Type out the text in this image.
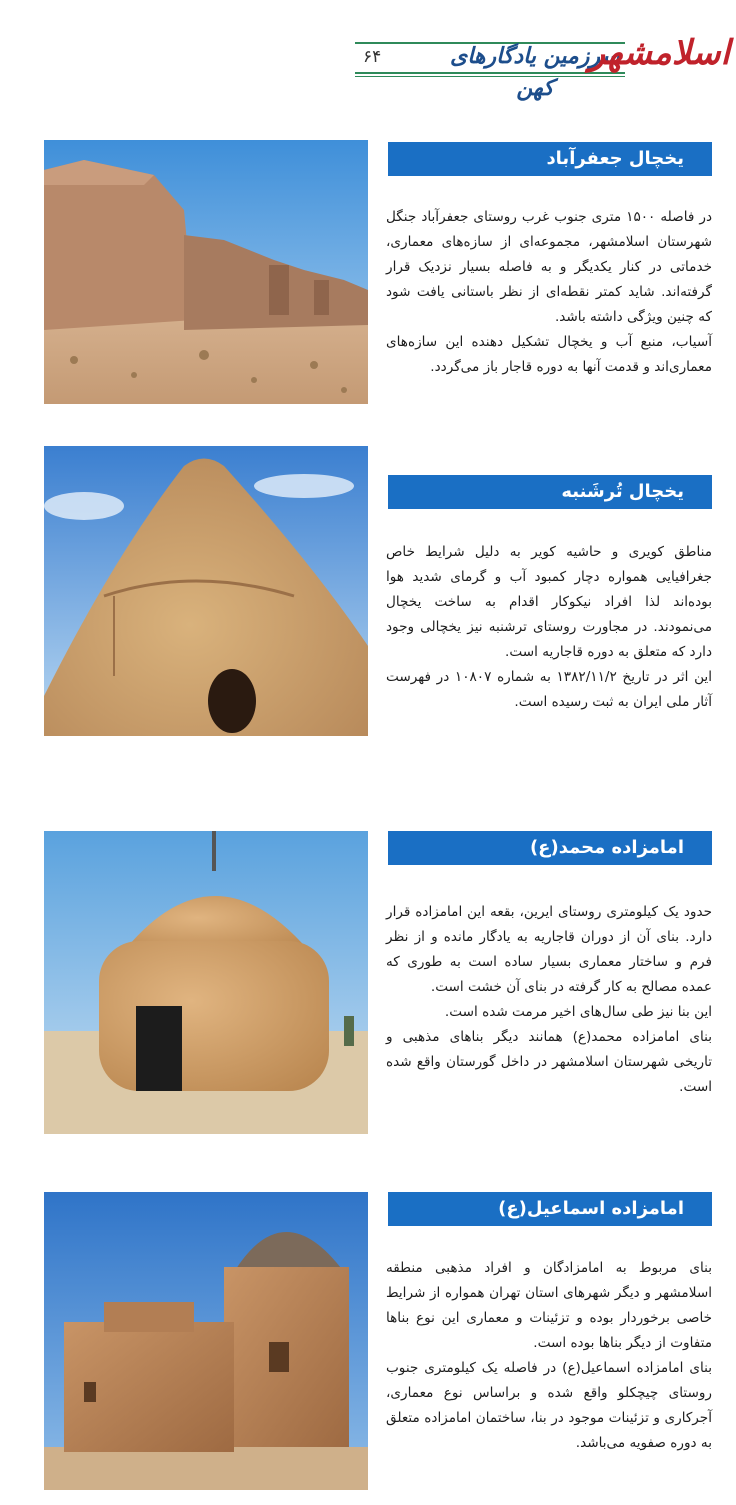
۶۴	سرزمین یادگارهای کهن
اسلامشهر
یخچال جعفرآباد

در فاصله ۱۵۰۰ متری جنوب غرب روستای جعفرآباد جنگل شهرستان اسلامشهر، مجموعه‌ای از سازه‌های معماری، خدماتی در کنار یکدیگر و به فاصله بسیار نزدیک قرار گرفته‌اند. شاید کمتر نقطه‌ای از نظر باستانی یافت شود که چنین ویژگی داشته باشد.

آسیاب، منبع آب و یخچال تشکیل دهنده این سازه‌های معماری‌اند و قدمت آنها به دوره قاجار باز می‌گردد.

یخچال تُرشَنبه

مناطق کویری و حاشیه کویر به دلیل شرایط خاص جغرافیایی همواره دچار کمبود آب و گرمای شدید هوا بوده‌اند لذا افراد نیکوکار اقدام به ساخت یخچال می‌نمودند. در مجاورت روستای ترشنبه نیز یخچالی وجود دارد که متعلق به دوره قاجاریه است.

این اثر در تاریخ ۱۳۸۲/۱۱/۲ به شماره ۱۰۸۰۷ در فهرست آثار ملی ایران به ثبت رسیده است.

امامزاده محمد(ع)

حدود یک کیلومتری روستای ایرین، بقعه این امامزاده قرار دارد. بنای آن از دوران قاجاریه به یادگار مانده و از نظر فرم و ساختار معماری بسیار ساده است به طوری که عمده مصالح به کار گرفته در بنای آن خشت است.

این بنا نیز طی سال‌های اخیر مرمت شده است.

بنای امامزاده محمد(ع) همانند دیگر بناهای مذهبی و تاریخی شهرستان اسلامشهر در داخل گورستان واقع شده است.

امامزاده اسماعیل(ع)

بنای مربوط به امامزادگان و افراد مذهبی منطقه اسلامشهر و دیگر شهرهای استان تهران همواره از شرایط خاصی برخوردار بوده و تزئینات و معماری این نوع بناها متفاوت از دیگر بناها بوده است.

بنای امامزاده اسماعیل(ع) در فاصله یک کیلومتری جنوب روستای چیچکلو واقع شده و براساس نوع معماری، آجرکاری و تزئینات موجود در بنا، ساختمان امامزاده متعلق به دوره صفویه می‌باشد.
